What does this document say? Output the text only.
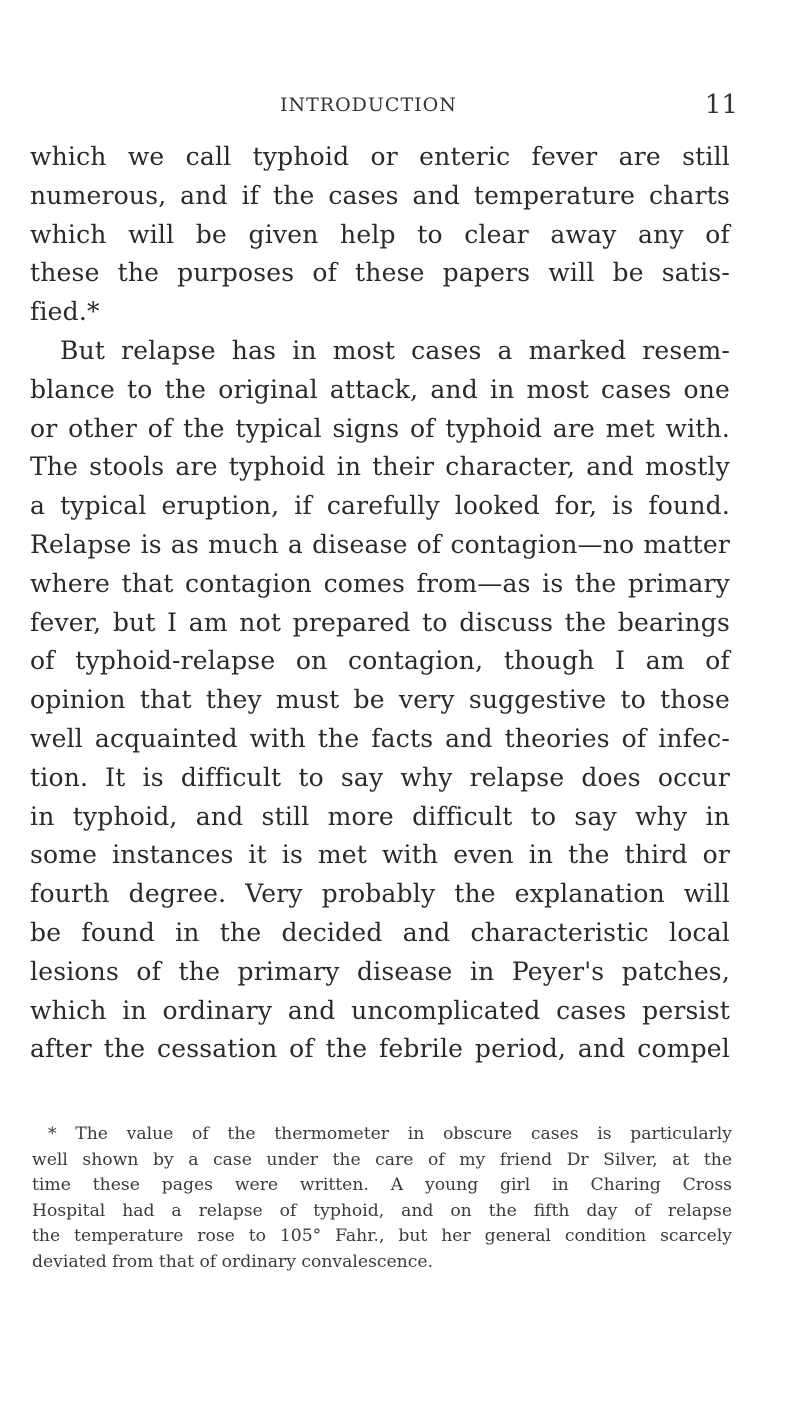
INTRODUCTION	11
which we call typhoid or enteric fever are still
numerous, and if the cases and temperature charts
which will be given help to clear away any of
these the purposes of these papers will be satis-
fied.*
But relapse has in most cases a marked resem-
blance to the original attack, and in most cases one
or other of the typical signs of typhoid are met with.
The stools are typhoid in their character, and mostly
a typical eruption, if carefully looked for, is found.
Relapse is as much a disease of contagion—no matter
where that contagion comes from—as is the primary
fever, but I am not prepared to discuss the bearings
of typhoid-relapse on contagion, though I am of
opinion that they must be very suggestive to those
well acquainted with the facts and theories of infec-
tion. It is difficult to say why relapse does occur
in typhoid, and still more difficult to say why in
some instances it is met with even in the third or
fourth degree. Very probably the explanation will
be found in the decided and characteristic local
lesions of the primary disease in Peyer's patches,
which in ordinary and uncomplicated cases persist
after the cessation of the febrile period, and compel
* The value of the thermometer in obscure cases is particularly
well shown by a case under the care of my friend Dr Silver, at the
time these pages were written. A young girl in Charing Cross
Hospital had a relapse of typhoid, and on the fifth day of relapse
the temperature rose to 105° Fahr., but her general condition scarcely
deviated from that of ordinary convalescence.
